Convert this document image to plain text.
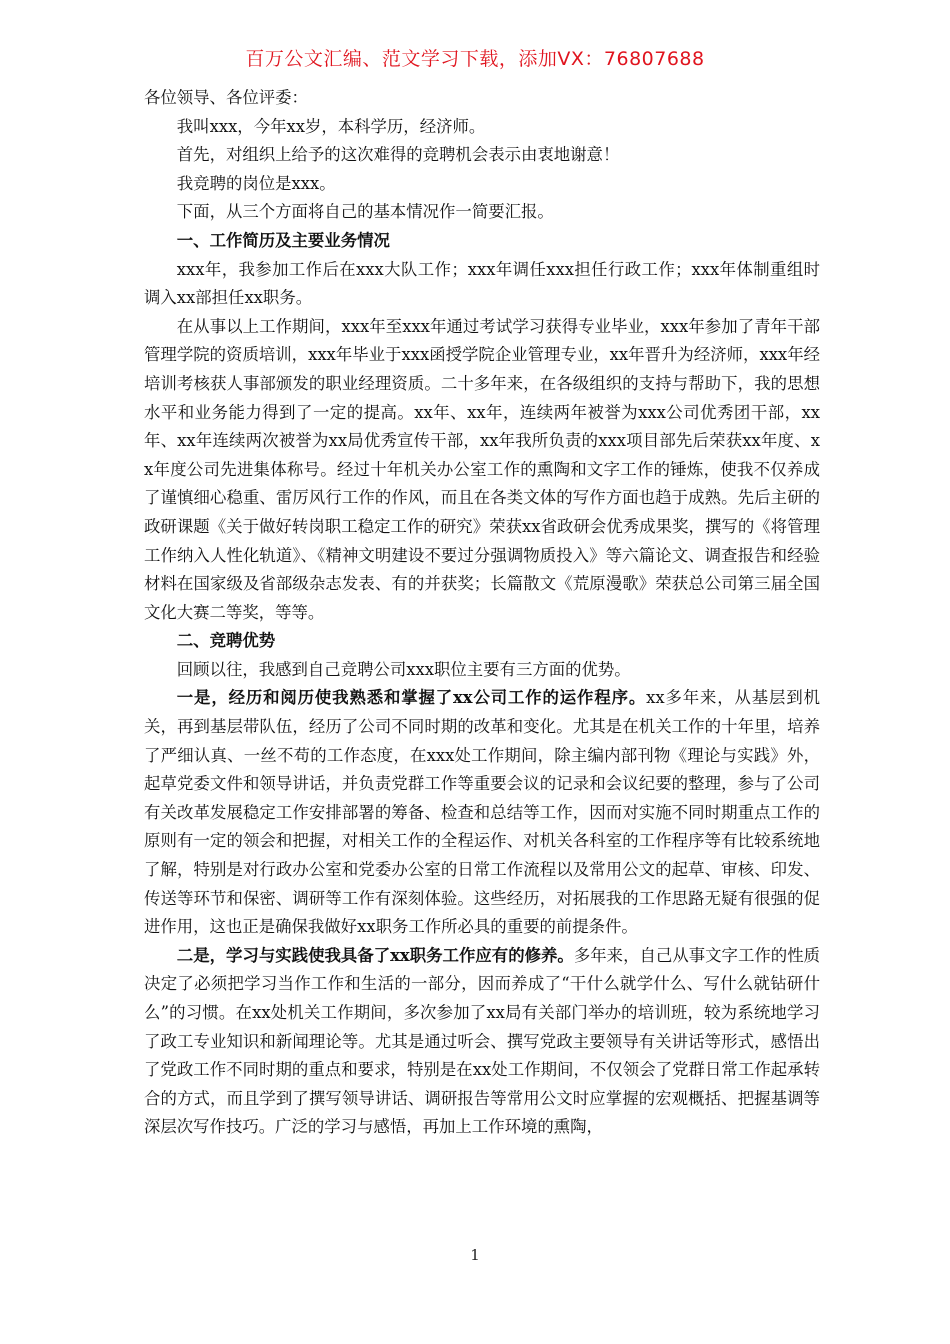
百万公文汇编、范文学习下载，添加VX：76807688

各位领导、各位评委：

我叫xxx，今年xx岁，本科学历，经济师。

首先，对组织上给予的这次难得的竞聘机会表示由衷地谢意！

我竞聘的岗位是xxx。

下面，从三个方面将自己的基本情况作一简要汇报。

一、工作简历及主要业务情况

xxx年，我参加工作后在xxx大队工作；xxx年调任xxx担任行政工作；xxx年体制重组时调入xx部担任xx职务。

在从事以上工作期间，xxx年至xxx年通过考试学习获得专业毕业，xxx年参加了青年干部管理学院的资质培训，xxx年毕业于xxx函授学院企业管理专业，xx年晋升为经济师，xxx年经培训考核获人事部颁发的职业经理资质。二十多年来，在各级组织的支持与帮助下，我的思想水平和业务能力得到了一定的提高。xx年、xx年，连续两年被誉为xxx公司优秀团干部，xx年、xx年连续两次被誉为xx局优秀宣传干部，xx年我所负责的xxx项目部先后荣获xx年度、xx年度公司先进集体称号。经过十年机关办公室工作的熏陶和文字工作的锤炼，使我不仅养成了谨慎细心稳重、雷厉风行工作的作风，而且在各类文体的写作方面也趋于成熟。先后主研的政研课题《关于做好转岗职工稳定工作的研究》荣获xx省政研会优秀成果奖，撰写的《将管理工作纳入人性化轨道》、《精神文明建设不要过分强调物质投入》等六篇论文、调查报告和经验材料在国家级及省部级杂志发表、有的并获奖；长篇散文《荒原漫歌》荣获总公司第三届全国文化大赛二等奖，等等。

二、竞聘优势

回顾以往，我感到自己竞聘公司xxx职位主要有三方面的优势。

一是，经历和阅历使我熟悉和掌握了xx公司工作的运作程序。xx多年来，从基层到机关，再到基层带队伍，经历了公司不同时期的改革和变化。尤其是在机关工作的十年里，培养了严细认真、一丝不苟的工作态度，在xxx处工作期间，除主编内部刊物《理论与实践》外，起草党委文件和领导讲话，并负责党群工作等重要会议的记录和会议纪要的整理，参与了公司有关改革发展稳定工作安排部署的筹备、检查和总结等工作，因而对实施不同时期重点工作的原则有一定的领会和把握，对相关工作的全程运作、对机关各科室的工作程序等有比较系统地了解，特别是对行政办公室和党委办公室的日常工作流程以及常用公文的起草、审核、印发、传送等环节和保密、调研等工作有深刻体验。这些经历，对拓展我的工作思路无疑有很强的促进作用，这也正是确保我做好xx职务工作所必具的重要的前提条件。

二是，学习与实践使我具备了xx职务工作应有的修养。多年来，自己从事文字工作的性质决定了必须把学习当作工作和生活的一部分，因而养成了“干什么就学什么、写什么就钻研什么”的习惯。在xx处机关工作期间，多次参加了xx局有关部门举办的培训班，较为系统地学习了政工专业知识和新闻理论等。尤其是通过听会、撰写党政主要领导有关讲话等形式，感悟出了党政工作不同时期的重点和要求，特别是在xx处工作期间，不仅领会了党群日常工作起承转合的方式，而且学到了撰写领导讲话、调研报告等常用公文时应掌握的宏观概括、把握基调等深层次写作技巧。广泛的学习与感悟，再加上工作环境的熏陶，

1
